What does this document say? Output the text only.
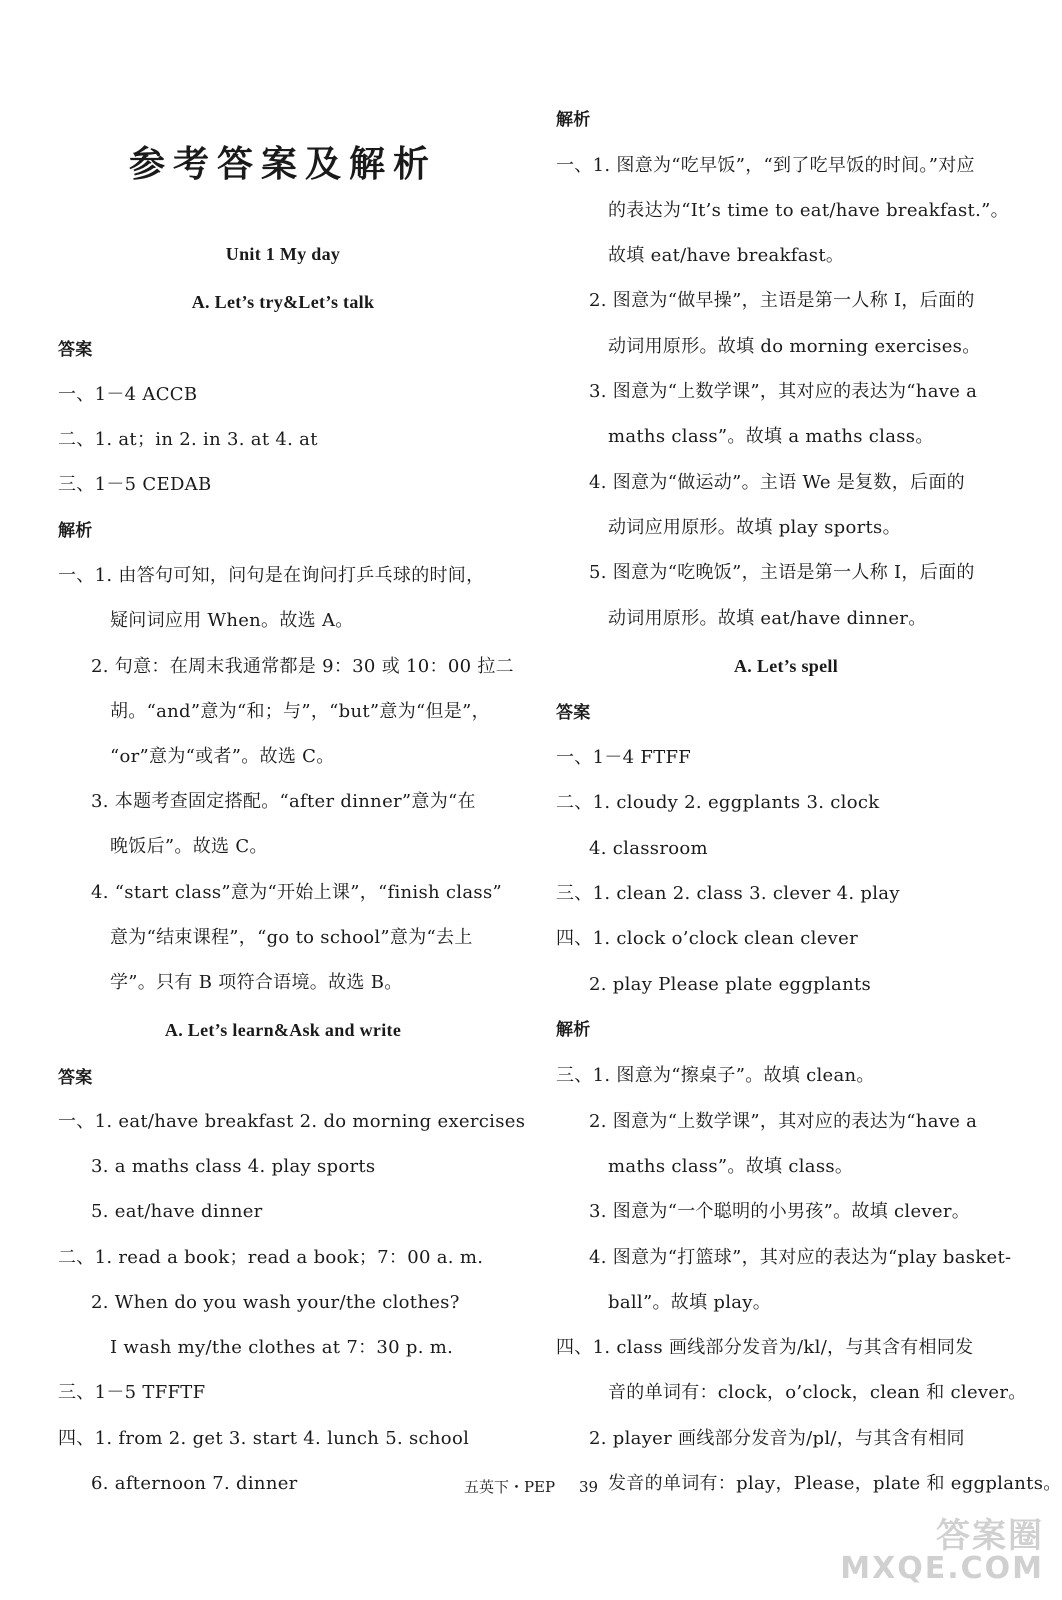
参考答案及解析
Unit 1 My day
A. Let’s try&Let’s talk
答案
一、1－4 ACCB
二、1. at；in 2. in 3. at 4. at
三、1－5 CEDAB
解析
一、1. 由答句可知，问句是在询问打乒乓球的时间，
疑问词应用 When。故选 A。
2. 句意：在周末我通常都是 9：30 或 10：00 拉二
胡。“and”意为“和；与”，“but”意为“但是”，
“or”意为“或者”。故选 C。
3. 本题考查固定搭配。“after dinner”意为“在
晚饭后”。故选 C。
4. “start class”意为“开始上课”，“finish class”
意为“结束课程”，“go to school”意为“去上
学”。只有 B 项符合语境。故选 B。
A. Let’s learn&Ask and write
答案
一、1. eat/have breakfast 2. do morning exercises
3. a maths class 4. play sports
5. eat/have dinner
二、1. read a book；read a book；7：00 a. m.
2. When do you wash your/the clothes?
I wash my/the clothes at 7：30 p. m.
三、1－5 TFFTF
四、1. from 2. get 3. start 4. lunch 5. school
6. afternoon 7. dinner
解析
一、1. 图意为“吃早饭”，“到了吃早饭的时间。”对应
的表达为“It’s time to eat/have breakfast.”。
故填 eat/have breakfast。
2. 图意为“做早操”，主语是第一人称 I，后面的
动词用原形。故填 do morning exercises。
3. 图意为“上数学课”，其对应的表达为“have a
maths class”。故填 a maths class。
4. 图意为“做运动”。主语 We 是复数，后面的
动词应用原形。故填 play sports。
5. 图意为“吃晚饭”，主语是第一人称 I，后面的
动词用原形。故填 eat/have dinner。
A. Let’s spell
答案
一、1－4 FTFF
二、1. cloudy 2. eggplants 3. clock
4. classroom
三、1. clean 2. class 3. clever 4. play
四、1. clock o’clock clean clever
2. play Please plate eggplants
解析
三、1. 图意为“擦桌子”。故填 clean。
2. 图意为“上数学课”，其对应的表达为“have a
maths class”。故填 class。
3. 图意为“一个聪明的小男孩”。故填 clever。
4. 图意为“打篮球”，其对应的表达为“play basket-
ball”。故填 play。
四、1. class 画线部分发音为/kl/，与其含有相同发
音的单词有：clock，o’clock，clean 和 clever。
2. player 画线部分发音为/pl/，与其含有相同
发音的单词有：play，Please，plate 和 eggplants。
五英下・PEP 39
答案圈
MXQE.COM
